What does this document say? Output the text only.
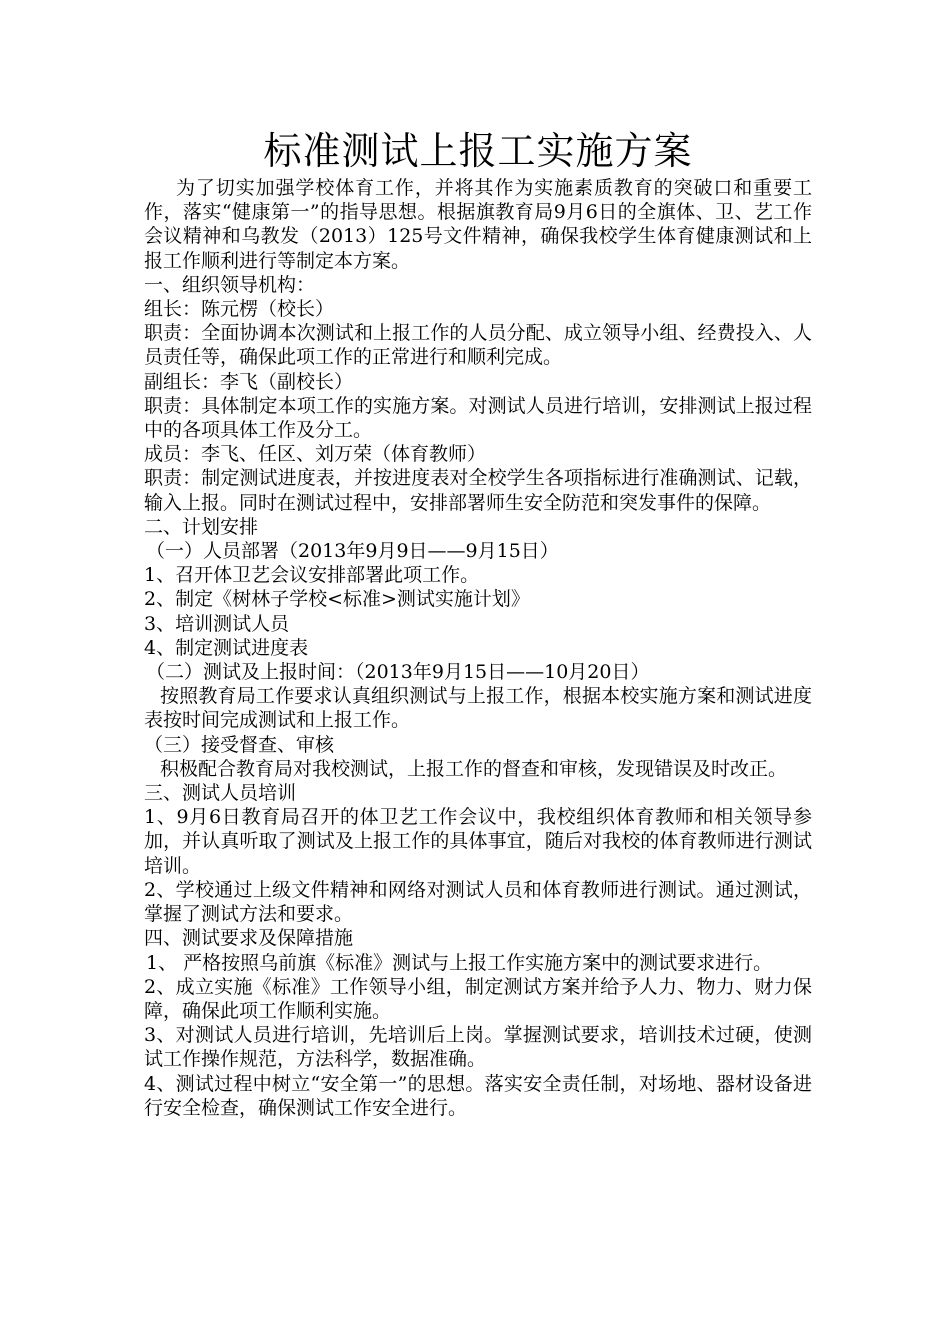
标准测试上报工实施方案

为了切实加强学校体育工作，并将其作为实施素质教育的突破口和重要工作，落实“健康第一”的指导思想。根据旗教育局9月6日的全旗体、卫、艺工作会议精神和乌教发（2013）125号文件精神，确保我校学生体育健康测试和上报工作顺利进行等制定本方案。

一、组织领导机构：

组长：陈元楞（校长）

职责：全面协调本次测试和上报工作的人员分配、成立领导小组、经费投入、人员责任等，确保此项工作的正常进行和顺利完成。

副组长：李飞（副校长）

职责：具体制定本项工作的实施方案。对测试人员进行培训，安排测试上报过程中的各项具体工作及分工。

成员：李飞、任区、刘万荣（体育教师）

职责：制定测试进度表，并按进度表对全校学生各项指标进行准确测试、记载，输入上报。同时在测试过程中，安排部署师生安全防范和突发事件的保障。

二、计划安排

（一）人员部署（2013年9月9日——9月15日）

1、召开体卫艺会议安排部署此项工作。

2、制定《树林子学校<标准>测试实施计划》

3、培训测试人员

4、制定测试进度表

（二）测试及上报时间：（2013年9月15日——10月20日）

按照教育局工作要求认真组织测试与上报工作，根据本校实施方案和测试进度表按时间完成测试和上报工作。

（三）接受督查、审核

积极配合教育局对我校测试，上报工作的督查和审核，发现错误及时改正。

三、测试人员培训

1、9月6日教育局召开的体卫艺工作会议中，我校组织体育教师和相关领导参加，并认真听取了测试及上报工作的具体事宜，随后对我校的体育教师进行测试培训。

2、学校通过上级文件精神和网络对测试人员和体育教师进行测试。通过测试，掌握了测试方法和要求。

四、测试要求及保障措施

1、 严格按照乌前旗《标准》测试与上报工作实施方案中的测试要求进行。

2、成立实施《标准》工作领导小组，制定测试方案并给予人力、物力、财力保障，确保此项工作顺利实施。

3、对测试人员进行培训，先培训后上岗。掌握测试要求，培训技术过硬，使测试工作操作规范，方法科学，数据准确。

4、测试过程中树立“安全第一”的思想。落实安全责任制，对场地、器材设备进行安全检查，确保测试工作安全进行。
